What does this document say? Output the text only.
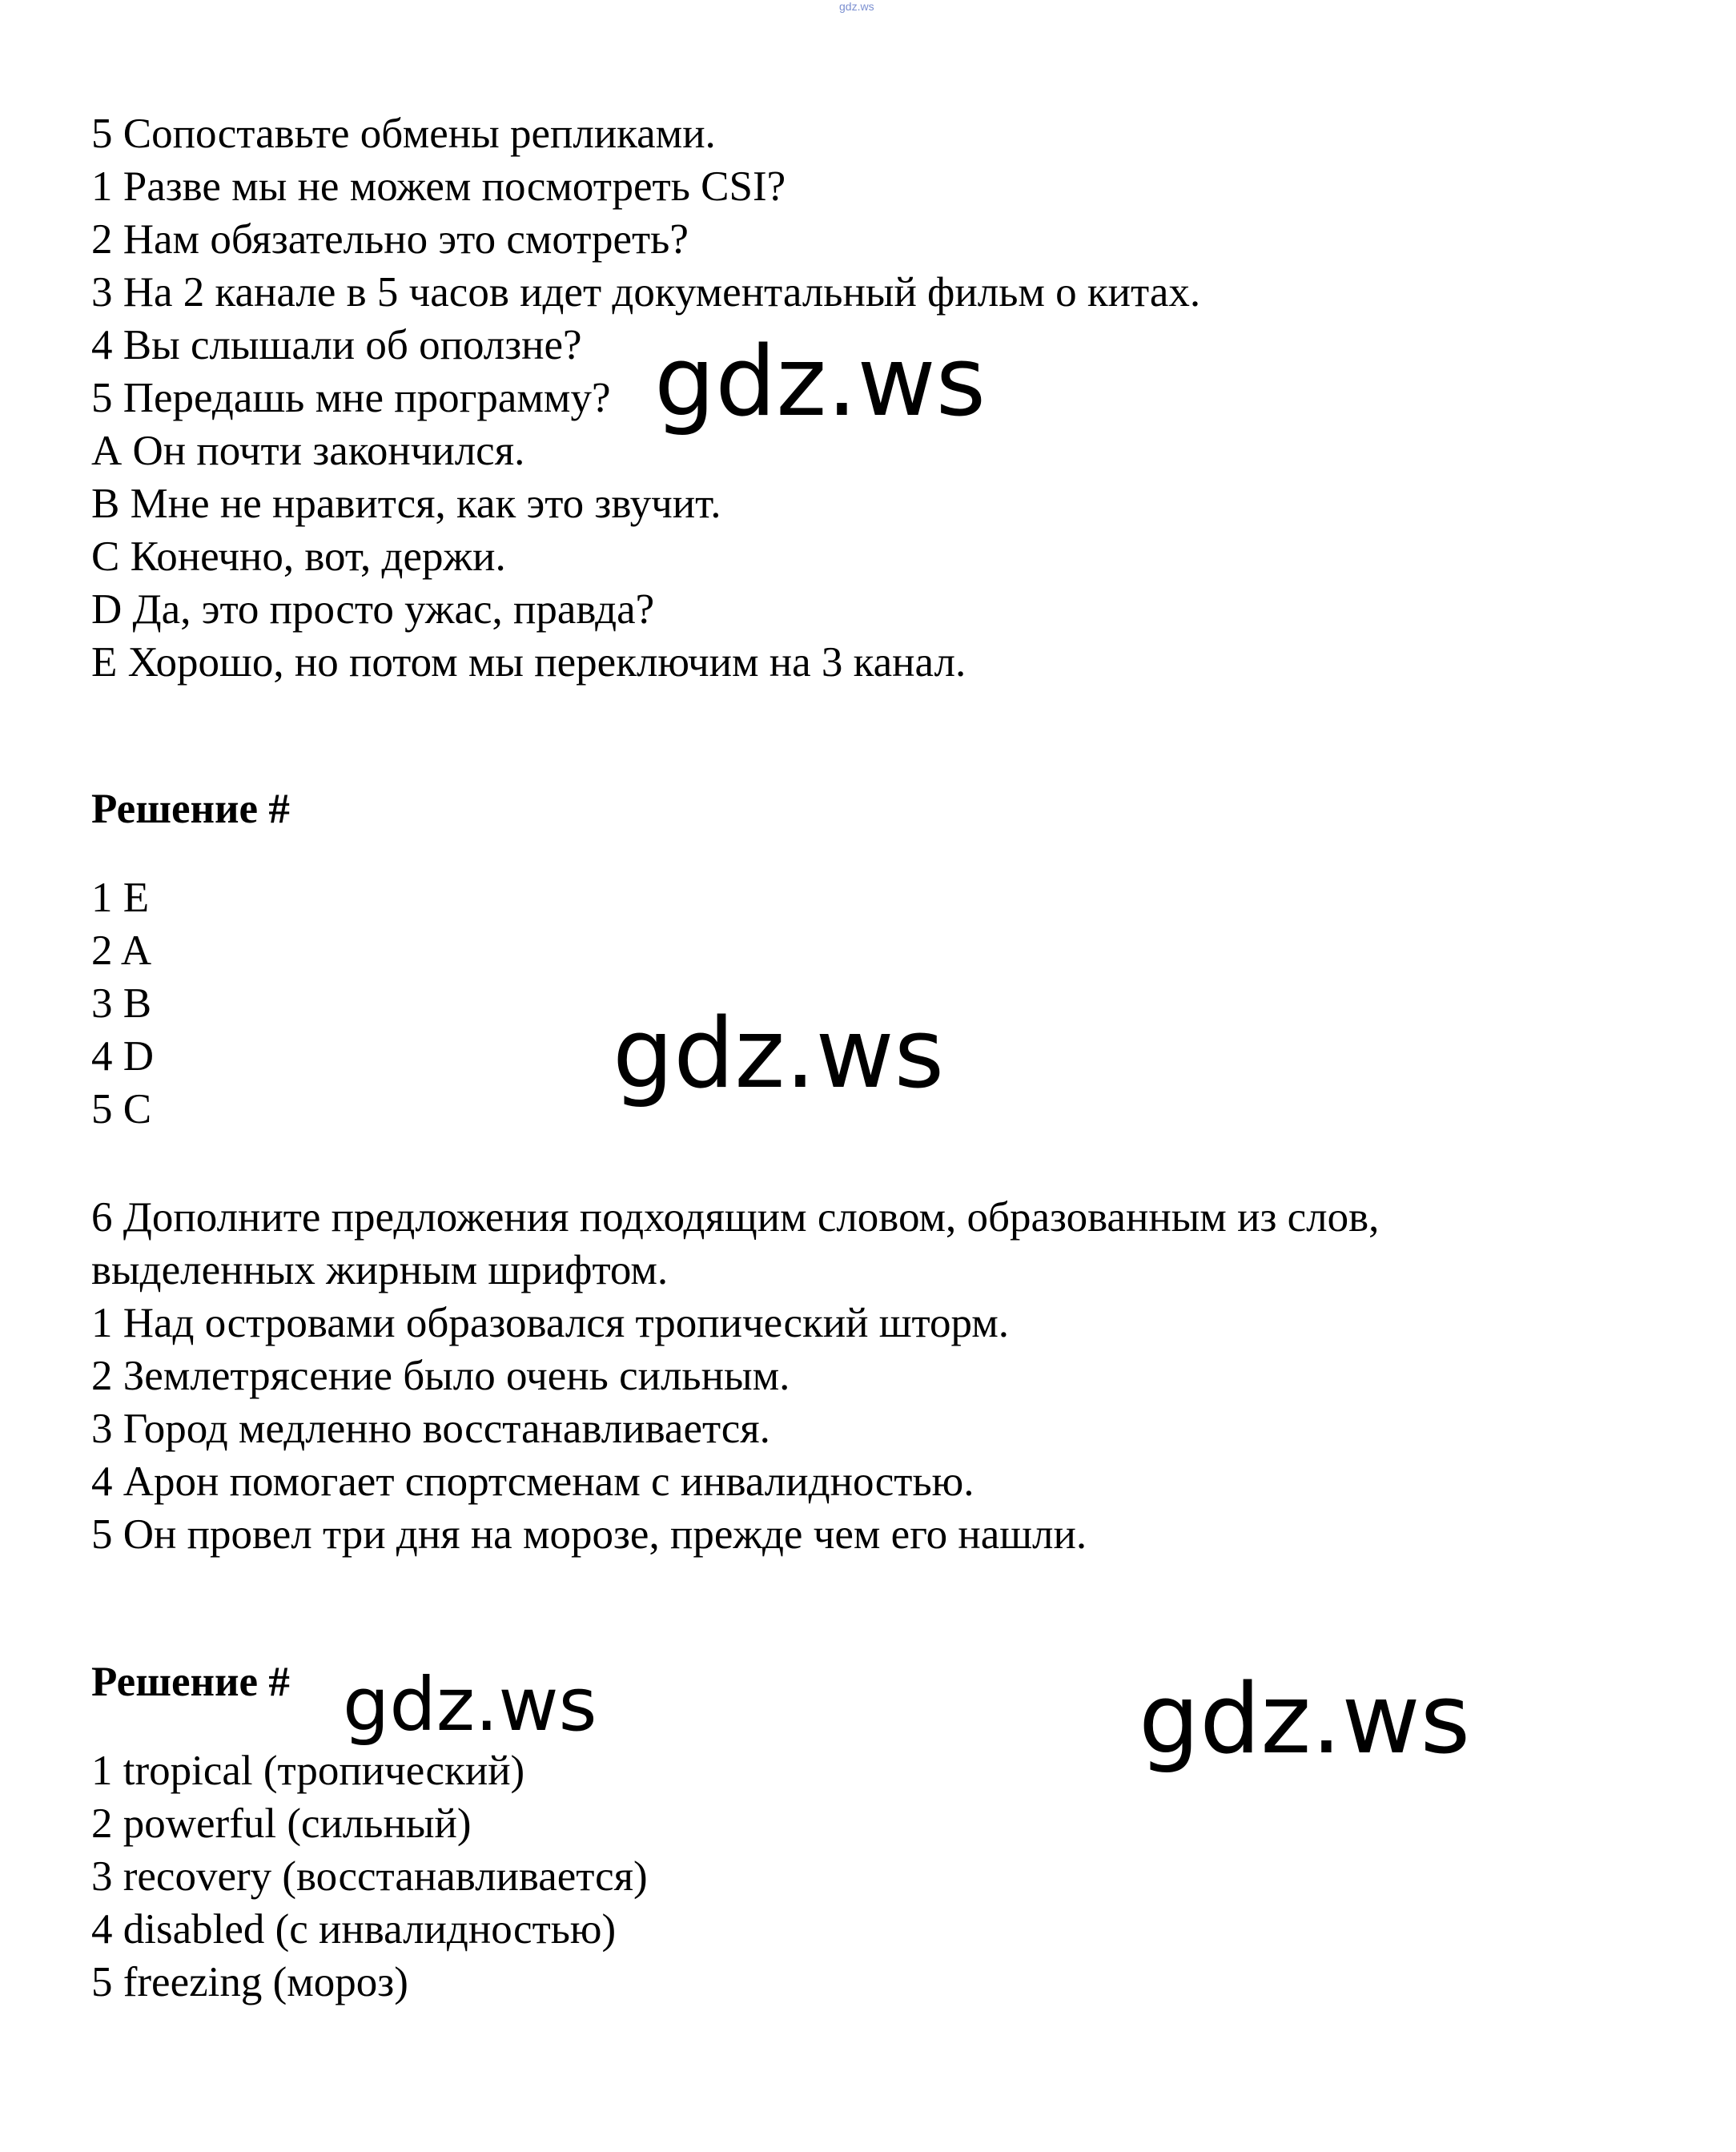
gdz.ws
5 Сопоставьте обмены репликами.
1 Разве мы не можем посмотреть CSI?
2 Нам обязательно это смотреть?
3 На 2 канале в 5 часов идет документальный фильм о китах.
4 Вы слышали об оползне?
5 Передашь мне программу?
А Он почти закончился.
В Мне не нравится, как это звучит.
С Конечно, вот, держи.
D Да, это просто ужас, правда?
E Хорошо, но потом мы переключим на 3 канал.
Решение #
1 E
2 A
3 B
4 D
5 C
6 Дополните предложения подходящим словом, образованным из слов,
выделенных жирным шрифтом.
1 Над островами образовался тропический шторм.
2 Землетрясение было очень сильным.
3 Город медленно восстанавливается.
4 Арон помогает спортсменам с инвалидностью.
5 Он провел три дня на морозе, прежде чем его нашли.
Решение #
1 tropical (тропический)
2 powerful (сильный)
3 recovery (восстанавливается)
4 disabled (с инвалидностью)
5 freezing (мороз)
gdz.ws
gdz.ws
gdz.ws	gdz.ws
